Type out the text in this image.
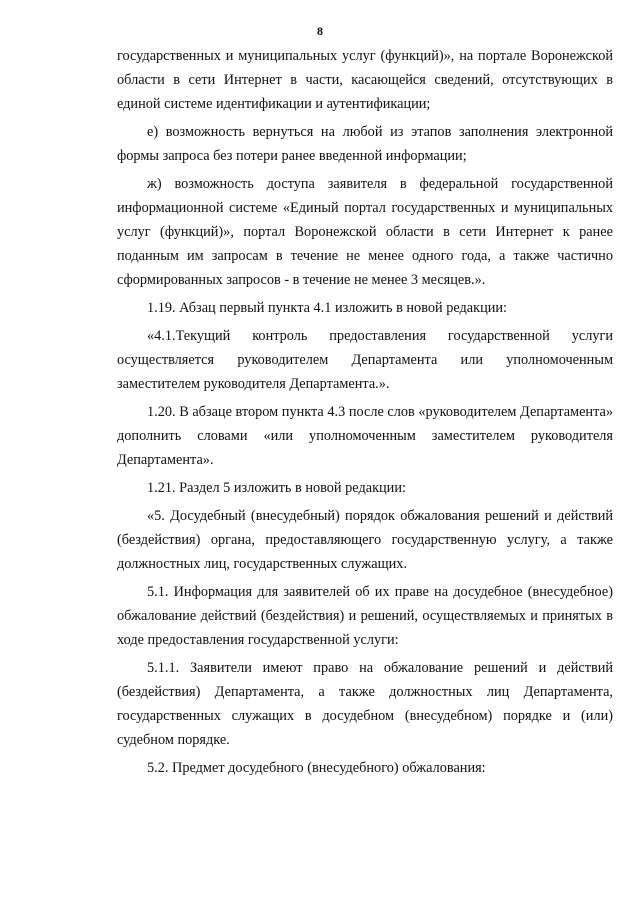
8

государственных и муниципальных услуг (функций)», на портале Воронежской области в сети Интернет в части, касающейся сведений, отсутствующих в единой системе идентификации и аутентификации;

е) возможность вернуться на любой из этапов заполнения электронной формы запроса без потери ранее введенной информации;

ж) возможность доступа заявителя в федеральной государственной информационной системе «Единый портал государственных и муниципальных услуг (функций)», портал Воронежской области в сети Интернет к ранее поданным им запросам в течение не менее одного года, а также частично сформированных запросов - в течение не менее 3 месяцев.».

1.19. Абзац первый пункта 4.1 изложить в новой редакции:

«4.1.Текущий контроль предоставления государственной услуги осуществляется руководителем Департамента или уполномоченным заместителем руководителя Департамента.».

1.20. В абзаце втором пункта 4.3 после слов «руководителем Департамента» дополнить словами «или уполномоченным заместителем руководителя Департамента».

1.21. Раздел 5 изложить в новой редакции:

«5. Досудебный (внесудебный) порядок обжалования решений и действий (бездействия) органа, предоставляющего государственную услугу, а также должностных лиц, государственных служащих.

5.1. Информация для заявителей об их праве на досудебное (внесудебное) обжалование действий (бездействия) и решений, осуществляемых и принятых в ходе предоставления государственной услуги:

5.1.1. Заявители имеют право на обжалование решений и действий (бездействия) Департамента, а также должностных лиц Департамента, государственных служащих в досудебном (внесудебном) порядке и (или) судебном порядке.

5.2. Предмет досудебного (внесудебного) обжалования:
